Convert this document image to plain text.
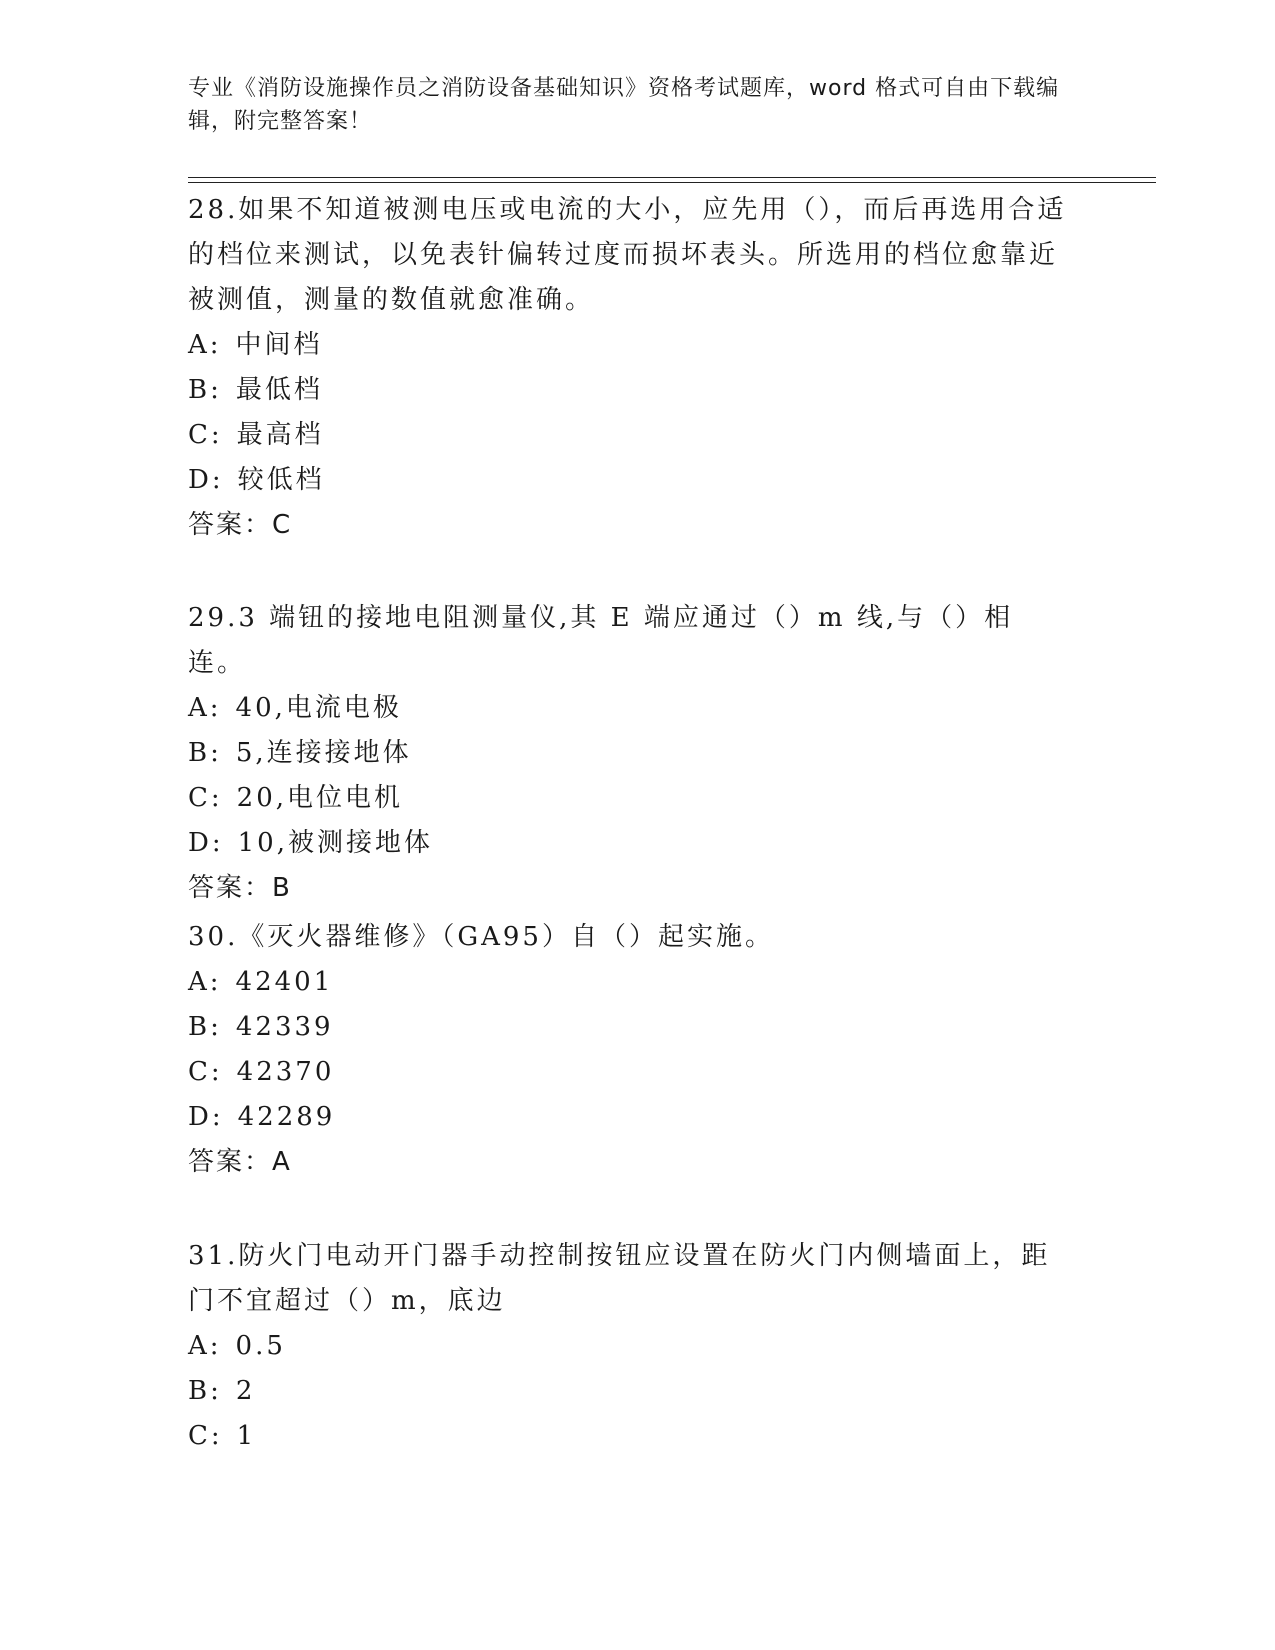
专业《消防设施操作员之消防设备基础知识》资格考试题库，word 格式可自由下载编辑，附完整答案！

28.如果不知道被测电压或电流的大小，应先用（），而后再选用合适的档位来测试，以免表针偏转过度而损坏表头。所选用的档位愈靠近被测值，测量的数值就愈准确。

A: 中间档
B: 最低档
C: 最高档
D: 较低档
答案：C

29.3 端钮的接地电阻测量仪,其 E 端应通过（）m 线,与（）相连。

A: 40,电流电极
B: 5,连接接地体
C: 20,电位电机
D: 10,被测接地体
答案：B

30.《灭火器维修》（GA95）自（）起实施。

A: 42401
B: 42339
C: 42370
D: 42289
答案：A

31.防火门电动开门器手动控制按钮应设置在防火门内侧墙面上，距门不宜超过（）m，底边

A: 0.5
B: 2
C: 1
